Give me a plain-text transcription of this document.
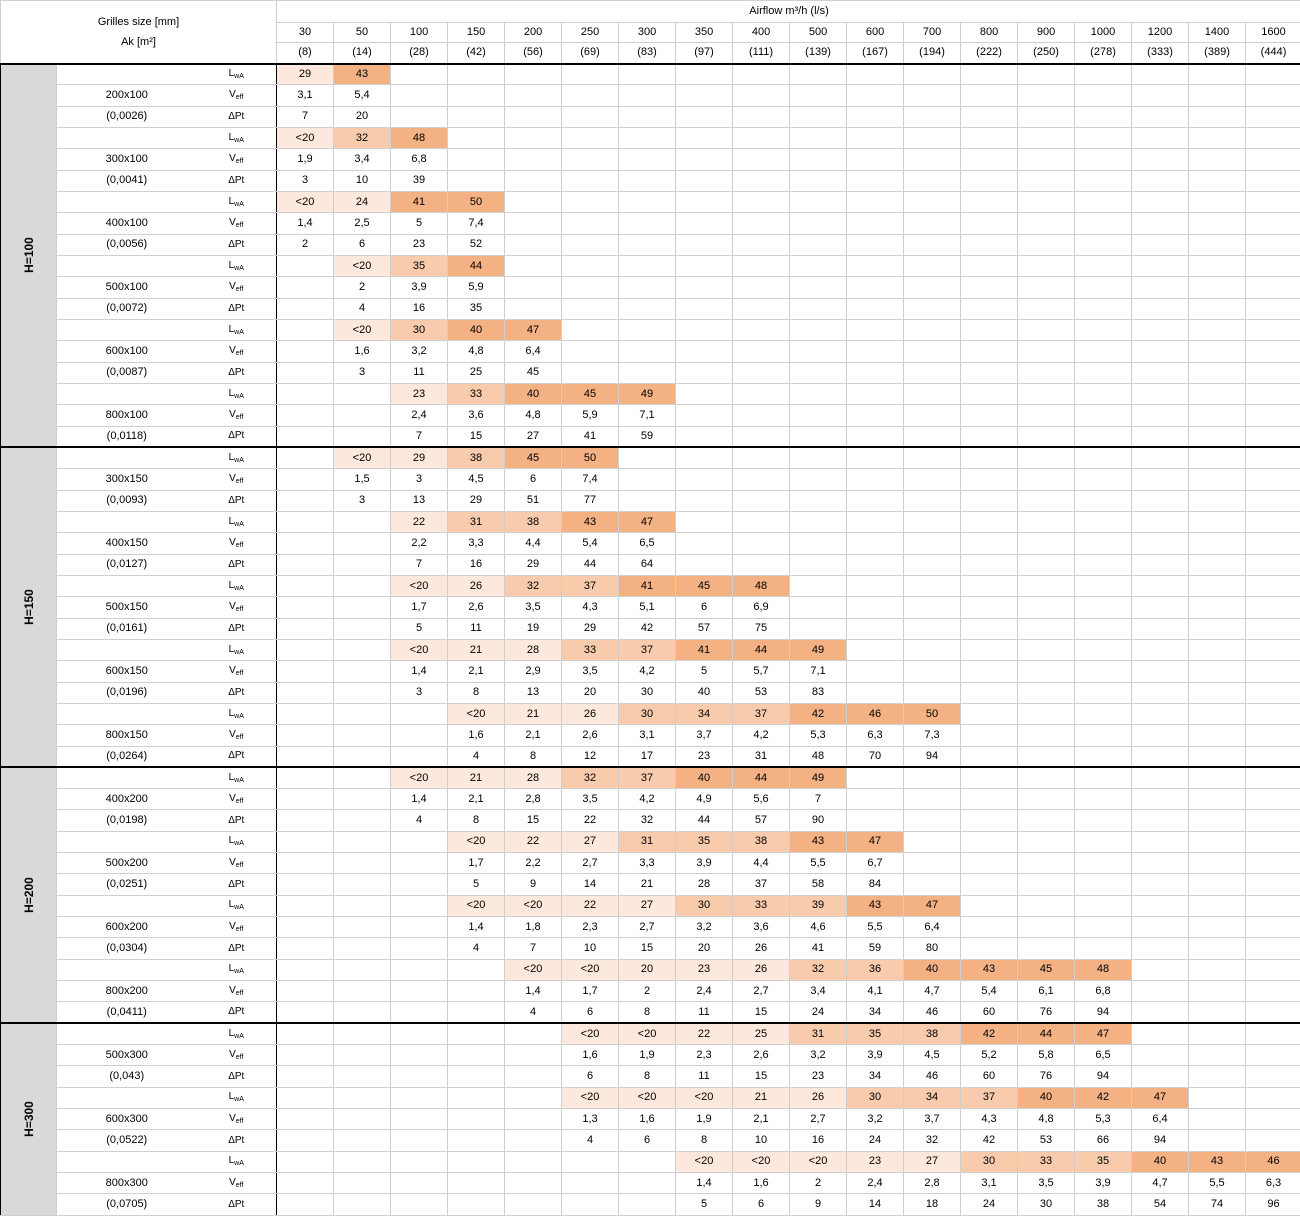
Grilles size [mm]
Ak [m²]			Airflow m³/h (l/s)																	
			30	50	100	150	200	250	300	350	400	500	600	700	800	900	1000	1200	1400	1600
			(8)	(14)	(28)	(42)	(56)	(69)	(83)	(97)	(111)	(139)	(167)	(194)	(222)	(250)	(278)	(333)	(389)	(444)
H=100		$L_{wA}$	29	43																
	200x100	$V_{eff}$	3,1	5,4																
	(0,0026)	ΔPt	7	20																
		$L_{wA}$	<20	32	48															
	300x100	$V_{eff}$	1,9	3,4	6,8															
	(0,0041)	ΔPt	3	10	39															
		$L_{wA}$	<20	24	41	50														
	400x100	$V_{eff}$	1,4	2,5	5	7,4														
	(0,0056)	ΔPt	2	6	23	52														
		$L_{wA}$		<20	35	44														
	500x100	$V_{eff}$		2	3,9	5,9														
	(0,0072)	ΔPt		4	16	35														
		$L_{wA}$		<20	30	40	47													
	600x100	$V_{eff}$		1,6	3,2	4,8	6,4													
	(0,0087)	ΔPt		3	11	25	45													
		$L_{wA}$			23	33	40	45	49											
	800x100	$V_{eff}$			2,4	3,6	4,8	5,9	7,1											
	(0,0118)	ΔPt			7	15	27	41	59											
H=150		$L_{wA}$		<20	29	38	45	50												
	300x150	$V_{eff}$		1,5	3	4,5	6	7,4												
	(0,0093)	ΔPt		3	13	29	51	77												
		$L_{wA}$			22	31	38	43	47											
	400x150	$V_{eff}$			2,2	3,3	4,4	5,4	6,5											
	(0,0127)	ΔPt			7	16	29	44	64											
		$L_{wA}$			<20	26	32	37	41	45	48									
	500x150	$V_{eff}$			1,7	2,6	3,5	4,3	5,1	6	6,9									
	(0,0161)	ΔPt			5	11	19	29	42	57	75									
		$L_{wA}$			<20	21	28	33	37	41	44	49								
	600x150	$V_{eff}$			1,4	2,1	2,9	3,5	4,2	5	5,7	7,1								
	(0,0196)	ΔPt			3	8	13	20	30	40	53	83								
		$L_{wA}$				<20	21	26	30	34	37	42	46	50						
	800x150	$V_{eff}$				1,6	2,1	2,6	3,1	3,7	4,2	5,3	6,3	7,3						
	(0,0264)	ΔPt				4	8	12	17	23	31	48	70	94						
H=200		$L_{wA}$			<20	21	28	32	37	40	44	49								
	400x200	$V_{eff}$			1,4	2,1	2,8	3,5	4,2	4,9	5,6	7								
	(0,0198)	ΔPt			4	8	15	22	32	44	57	90								
		$L_{wA}$				<20	22	27	31	35	38	43	47							
	500x200	$V_{eff}$				1,7	2,2	2,7	3,3	3,9	4,4	5,5	6,7							
	(0,0251)	ΔPt				5	9	14	21	28	37	58	84							
		$L_{wA}$				<20	<20	22	27	30	33	39	43	47						
	600x200	$V_{eff}$				1,4	1,8	2,3	2,7	3,2	3,6	4,6	5,5	6,4						
	(0,0304)	ΔPt				4	7	10	15	20	26	41	59	80						
		$L_{wA}$					<20	<20	20	23	26	32	36	40	43	45	48			
	800x200	$V_{eff}$					1,4	1,7	2	2,4	2,7	3,4	4,1	4,7	5,4	6,1	6,8			
	(0,0411)	ΔPt					4	6	8	11	15	24	34	46	60	76	94			
H=300		$L_{wA}$						<20	<20	22	25	31	35	38	42	44	47			
	500x300	$V_{eff}$						1,6	1,9	2,3	2,6	3,2	3,9	4,5	5,2	5,8	6,5			
	(0,043)	ΔPt						6	8	11	15	23	34	46	60	76	94			
		$L_{wA}$						<20	<20	<20	21	26	30	34	37	40	42	47		
	600x300	$V_{eff}$						1,3	1,6	1,9	2,1	2,7	3,2	3,7	4,3	4,8	5,3	6,4		
	(0,0522)	ΔPt						4	6	8	10	16	24	32	42	53	66	94		
		$L_{wA}$								<20	<20	<20	23	27	30	33	35	40	43	46
	800x300	$V_{eff}$								1,4	1,6	2	2,4	2,8	3,1	3,5	3,9	4,7	5,5	6,3
	(0,0705)	ΔPt								5	6	9	14	18	24	30	38	54	74	96
